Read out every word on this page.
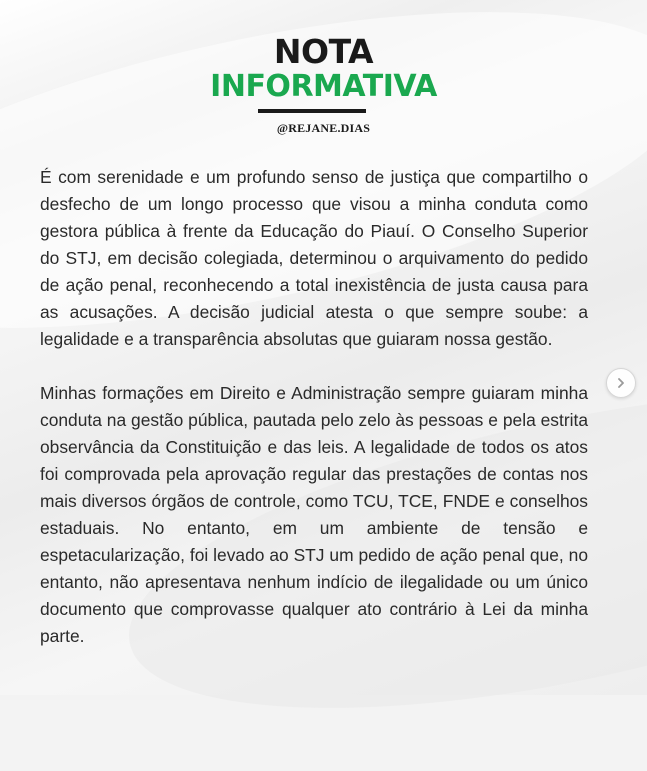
NOTA
INFORMATIVA
@REJANE.DIAS

É com serenidade e um profundo senso de justiça que compartilho o desfecho de um longo processo que visou a minha conduta como gestora pública à frente da Educação do Piauí. O Conselho Superior do STJ, em decisão colegiada, determinou o arquivamento do pedido de ação penal, reconhecendo a total inexistência de justa causa para as acusações. A decisão judicial atesta o que sempre soube: a legalidade e a transparência absolutas que guiaram nossa gestão.

Minhas formações em Direito e Administração sempre guiaram minha conduta na gestão pública, pautada pelo zelo às pessoas e pela estrita observância da Constituição e das leis. A legalidade de todos os atos foi comprovada pela aprovação regular das prestações de contas nos mais diversos órgãos de controle, como TCU, TCE, FNDE e conselhos estaduais. No entanto, em um ambiente de tensão e espetacularização, foi levado ao STJ um pedido de ação penal que, no entanto, não apresentava nenhum indício de ilegalidade ou um único documento que comprovasse qualquer ato contrário à Lei da minha parte.
